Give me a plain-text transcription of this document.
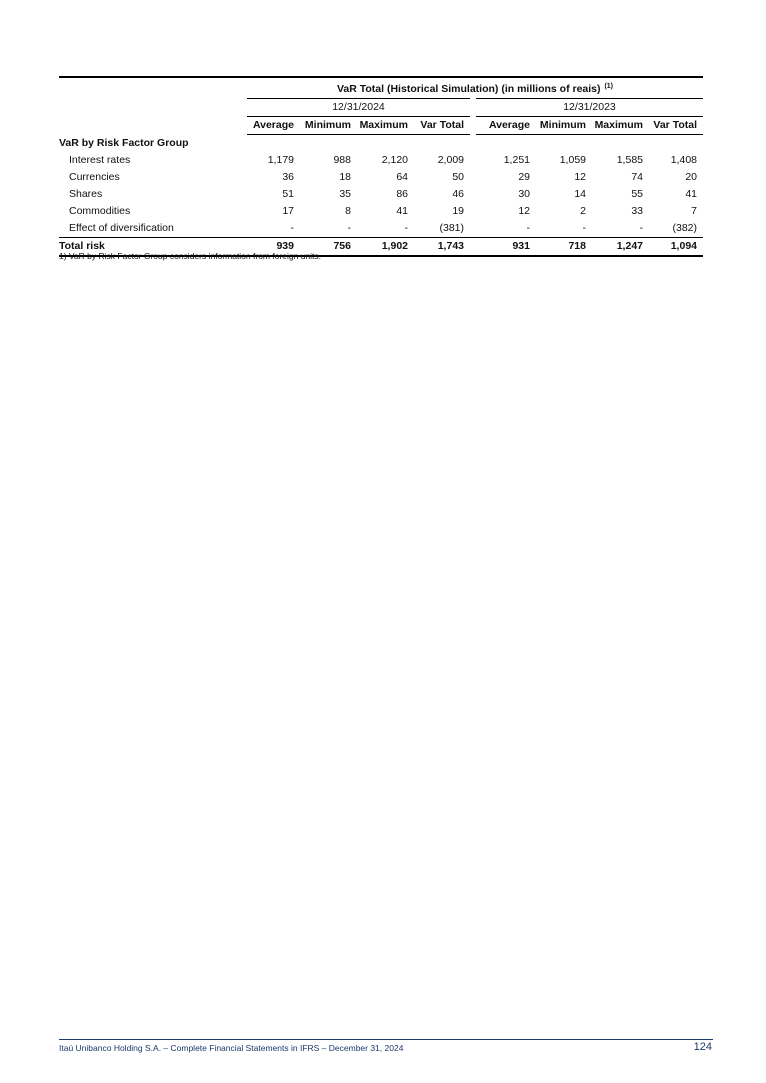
	VaR Total (Historical Simulation) (in millions of reais) $^{(1)}$
	12/31/2024					12/31/2023			
	Average	Minimum	Maximum	Var Total		Average	Minimum	Maximum	Var Total
VaR by Risk Factor Group									
Interest rates	1,179	988	2,120	2,009		1,251	1,059	1,585	1,408
Currencies	36	18	64	50		29	12	74	20
Shares	51	35	86	46		30	14	55	41
Commodities	17	8	41	19		12	2	33	7
Effect of diversification	-	-	-	(381)		-	-	-	(382)
Total risk	939	756	1,902	1,743		931	718	1,247	1,094
1) VaR by Risk Factor Group considers information from foreign units.
Itaú Unibanco Holding S.A. – Complete Financial Statements in IFRS – December 31, 2024	124
